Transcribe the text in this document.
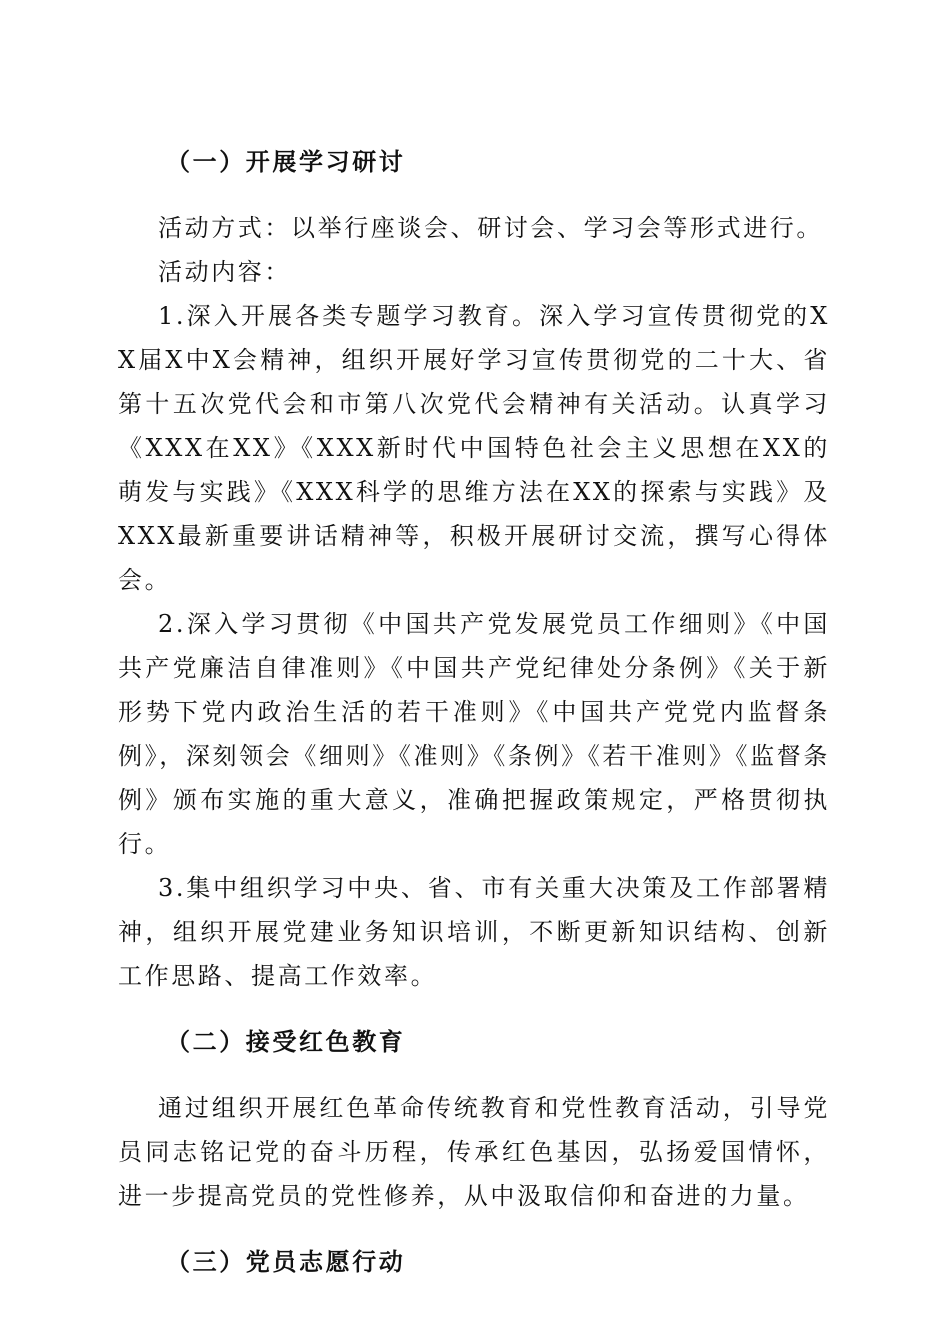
（一）开展学习研讨

活动方式：以举行座谈会、研讨会、学习会等形式进行。

活动内容：

1.深入开展各类专题学习教育。深入学习宣传贯彻党的XX届X中X会精神，组织开展好学习宣传贯彻党的二十大、省第十五次党代会和市第八次党代会精神有关活动。认真学习《XXX在XX》《XXX新时代中国特色社会主义思想在XX的萌发与实践》《XXX科学的思维方法在XX的探索与实践》及XXX最新重要讲话精神等，积极开展研讨交流，撰写心得体会。

2.深入学习贯彻《中国共产党发展党员工作细则》《中国共产党廉洁自律准则》《中国共产党纪律处分条例》《关于新形势下党内政治生活的若干准则》《中国共产党党内监督条例》，深刻领会《细则》《准则》《条例》《若干准则》《监督条例》颁布实施的重大意义，准确把握政策规定，严格贯彻执行。

3.集中组织学习中央、省、市有关重大决策及工作部署精神，组织开展党建业务知识培训，不断更新知识结构、创新工作思路、提高工作效率。

（二）接受红色教育

通过组织开展红色革命传统教育和党性教育活动，引导党员同志铭记党的奋斗历程，传承红色基因，弘扬爱国情怀，进一步提高党员的党性修养，从中汲取信仰和奋进的力量。

（三）党员志愿行动
